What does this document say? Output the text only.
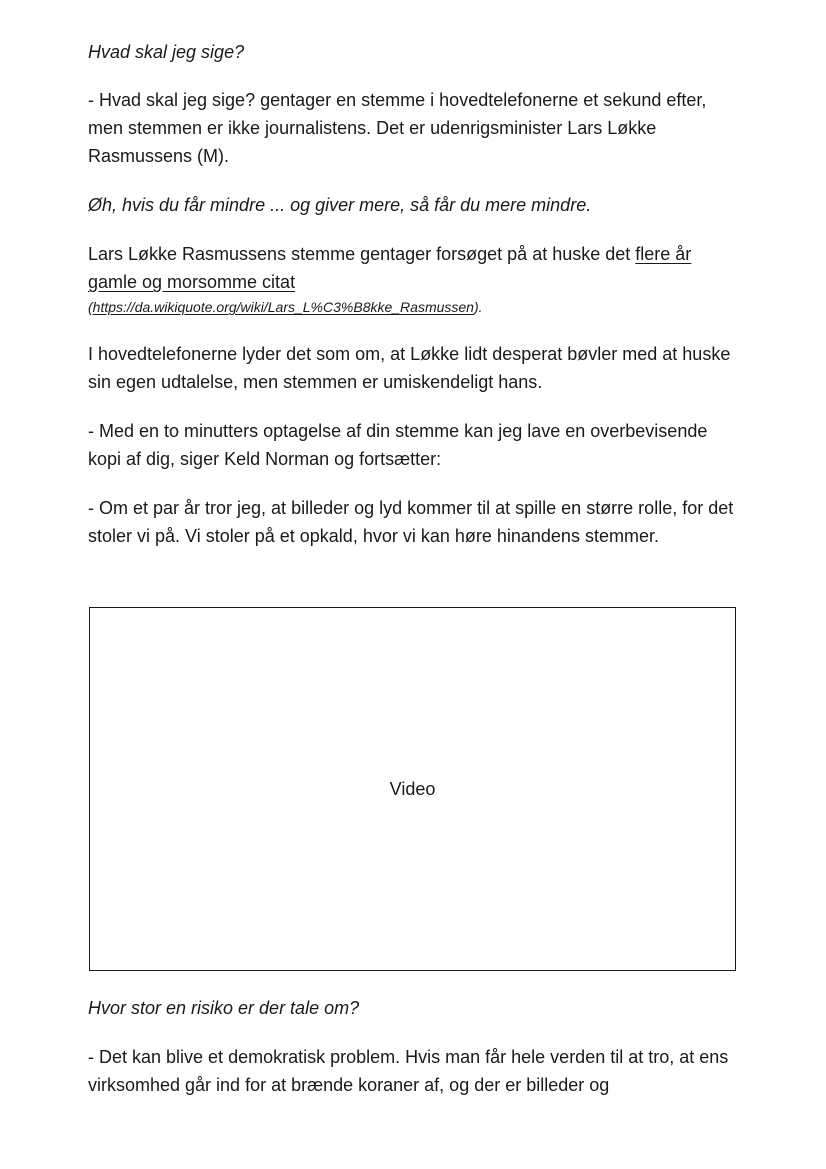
Hvad skal jeg sige?

- Hvad skal jeg sige? gentager en stemme i hovedtelefonerne et sekund efter, men stemmen er ikke journalistens. Det er udenrigsminister Lars Løkke Rasmussens (M).

Øh, hvis du får mindre ... og giver mere, så får du mere mindre.

Lars Løkke Rasmussens stemme gentager forsøget på at huske det flere år gamle og morsomme citat

(https://da.wikiquote.org/wiki/Lars_L%C3%B8kke_Rasmussen).

I hovedtelefonerne lyder det som om, at Løkke lidt desperat bøvler med at huske sin egen udtalelse, men stemmen er umiskendeligt hans.

- Med en to minutters optagelse af din stemme kan jeg lave en overbevisende kopi af dig, siger Keld Norman og fortsætter:

- Om et par år tror jeg, at billeder og lyd kommer til at spille en større rolle, for det stoler vi på. Vi stoler på et opkald, hvor vi kan høre hinandens stemmer.

Video

Hvor stor en risiko er der tale om?

- Det kan blive et demokratisk problem. Hvis man får hele verden til at tro, at ens virksomhed går ind for at brænde koraner af, og der er billeder og
